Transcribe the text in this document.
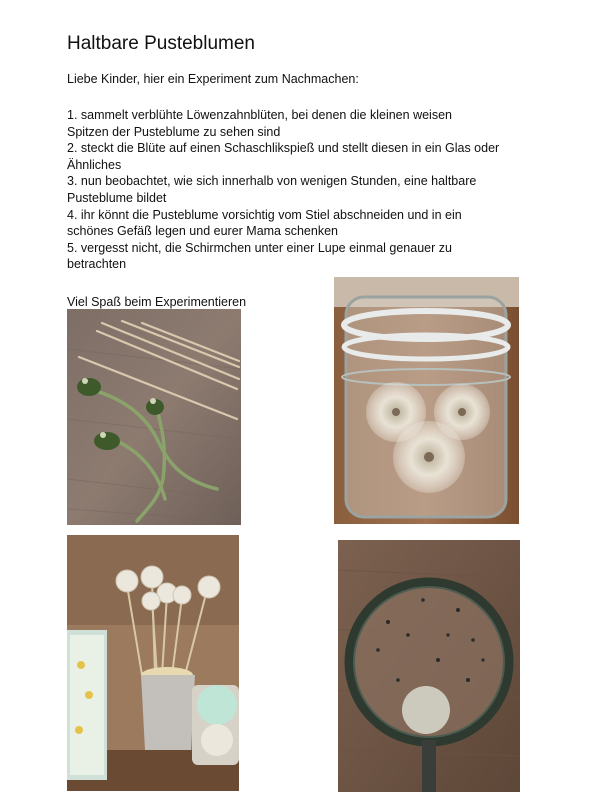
Haltbare Pusteblumen
Liebe Kinder, hier ein Experiment zum Nachmachen:
1. sammelt verblühte Löwenzahnblüten, bei denen die kleinen weisen
Spitzen der Pusteblume zu sehen sind
2. steckt die Blüte auf einen Schaschlikspieß und stellt diesen in ein Glas oder
Ähnliches
3. nun beobachtet, wie sich innerhalb von wenigen Stunden, eine haltbare
Pusteblume bildet
4. ihr könnt die Pusteblume vorsichtig vom Stiel abschneiden und in ein
schönes Gefäß legen und eurer Mama schenken
5. vergesst nicht, die Schirmchen unter einer Lupe einmal genauer zu
betrachten
Viel Spaß beim Experimentieren
